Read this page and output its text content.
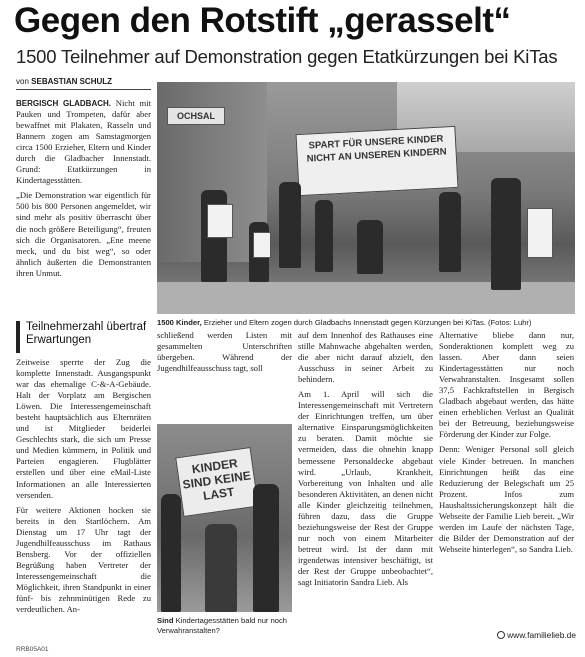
Gegen den Rotstift „gerasselt“
1500 Teilnehmer auf Demonstration gegen Etatkürzungen bei KiTas
von SEBASTIAN SCHULZ

BERGISCH GLADBACH. Nicht mit Pauken und Trompeten, dafür aber bewaffnet mit Plakaten, Rasseln und Bannern zogen am Samstagmorgen circa 1500 Erzieher, Eltern und Kinder durch die Gladbacher Innenstadt. Grund: Etatkürzungen in Kindertagesstätten.

„Die Demonstration war eigentlich für 500 bis 800 Personen angemeldet, wir sind mehr als positiv überrascht über die noch größere Beteiligung“, freuten sich die Organisatoren. „Ene meene meck, und du bist weg“, so oder ähnlich äußerten die Demonstranten ihren Unmut.

Teilnehmerzahl übertraf Erwartungen

Zeitweise sperrte der Zug die komplette Innenstadt. Ausgangspunkt war das ehemalige C-&-A-Gebäude. Halt der Vorplatz am Bergischen Löwen. Die Interessengemeinschaft besteht hauptsächlich aus Elternräten und ist Mitglieder beiderlei Geschlechts stark, die sich um Presse und Medien kümmern, in Politik und Parteien engagieren. Flugblätter erstellen und über eine eMail-Liste Informationen an alle Interessierten versenden.

Für weitere Aktionen hocken sie bereits in den Startlöchern. Am Dienstag um 17 Uhr tagt der Jugendhilfeausschuss im Rathaus Bensberg. Vor der offiziellen Begrüßung haben Vertreter der Interessengemeinschaft die Möglichkeit, ihren Standpunkt in einer fünf- bis zehnminütigen Rede zu verdeutlichen. An-

OCHSAL
SPART FÜR UNSERE KINDER NICHT AN UNSEREN KINDERN
1500 Kinder, Erzieher und Eltern zogen durch Gladbachs Innenstadt gegen Kürzungen bei KiTas. (Fotos: Luhr)

schließend werden Listen mit gesammelten Unterschriften übergeben. Während der Jugendhilfeausschuss tagt, soll

KINDER SIND KEINE LAST
Sind Kindertagesstätten bald nur noch Verwahranstalten?

auf dem Innenhof des Rathauses eine stille Mahnwache abgehalten werden, die aber nicht darauf abzielt, den Ausschuss in seiner Arbeit zu behindern.

Am 1. April will sich die Interessengemeinschaft mit Vertretern der Einrichtungen treffen, um über alternative Einsparungsmöglichkeiten zu beraten. Damit möchte sie vermeiden, dass die ohnehin knapp bemessene Personaldecke abgebaut wird. „Urlaub, Krankheit, Vorbereitung von Inhalten und alle besonderen Aktivitäten, an denen nicht alle Kinder gleichzeitig teilnehmen, führen dazu, dass die Gruppe beziehungsweise der Rest der Gruppe nur noch von einem Mitarbeiter betreut wird. Ist der dann mit irgendetwas intensiver beschäftigt, ist der Rest der Gruppe unbeobachtet“, sagt Initiatorin Sandra Lieb. Als

Alternative bliebe dann nur, Sonderaktionen komplett weg zu lassen. Aber dann seien Kindertagesstätten nur noch Verwahranstalten. Insgesamt sollen 37,5 Fachkraftstellen in Bergisch Gladbach abgebaut werden, das hätte einen erheblichen Verlust an Qualität bei der Betreuung, beziehungsweise Förderung der Kinder zur Folge.

Denn: Weniger Personal soll gleich viele Kinder betreuen. In manchen Einrichtungen heißt das eine Reduzierung der Belegschaft um 25 Prozent. Infos zum Haushaltssicherungskonzept hält die Webseite der Familie Lieb bereit. „Wir werden im Laufe der nächsten Tage, die Bilder der Demonstration auf der Webseite hinterlegen“, so Sandra Lieb.

www.familielieb.de
RRB05A01
